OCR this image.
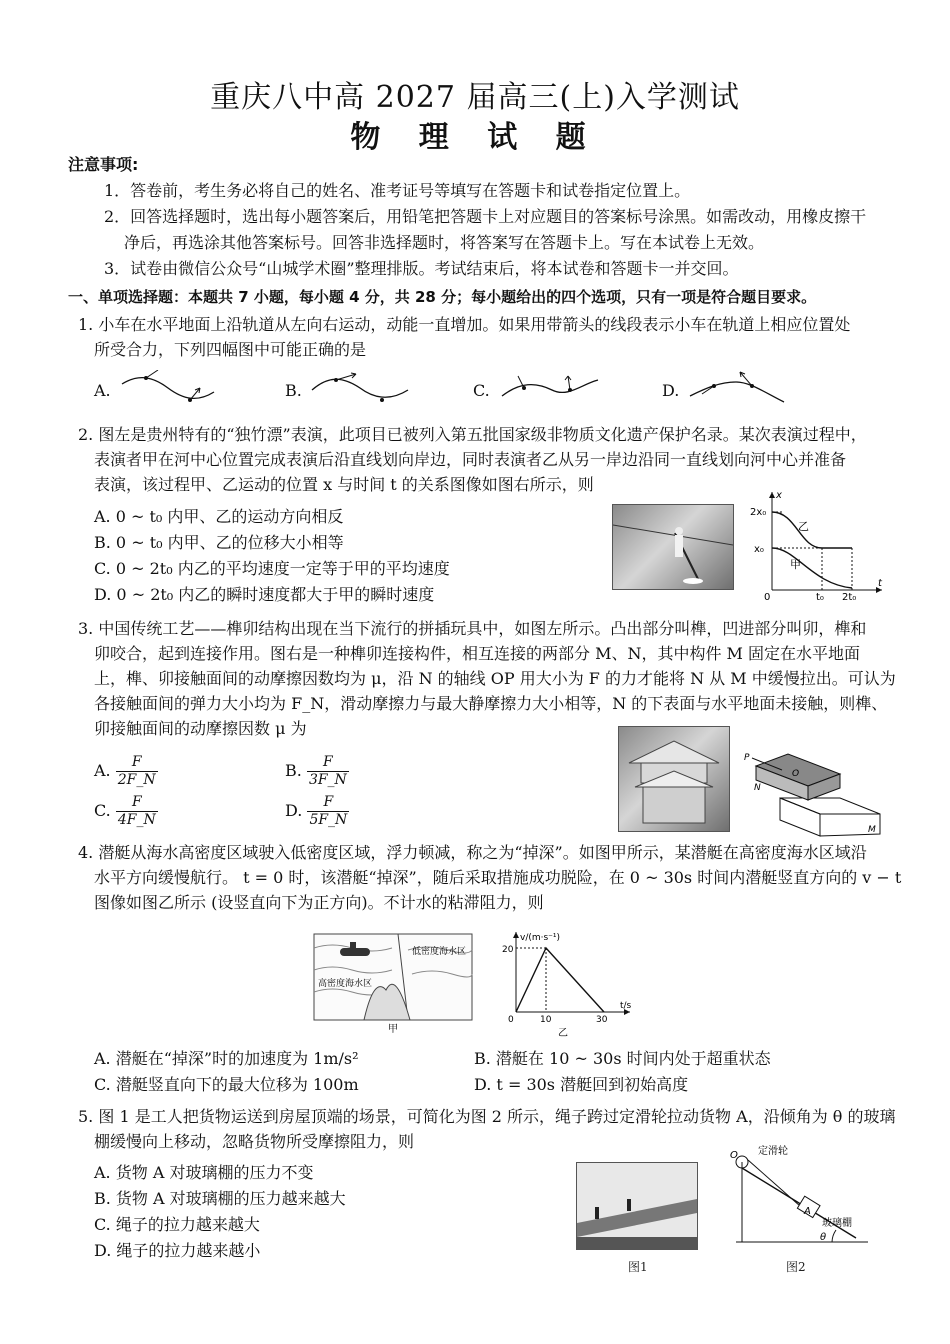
重庆八中高 2027 届高三(上)入学测试
物 理 试 题
注意事项:
1．答卷前，考生务必将自己的姓名、准考证号等填写在答题卡和试卷指定位置上。
2．回答选择题时，选出每小题答案后，用铅笔把答题卡上对应题目的答案标号涂黑。如需改动，用橡皮擦干
净后，再选涂其他答案标号。回答非选择题时，将答案写在答题卡上。写在本试卷上无效。
3．试卷由微信公众号“山城学术圈”整理排版。考试结束后，将本试卷和答题卡一并交回。
一、单项选择题：本题共 7 小题，每小题 4 分，共 28 分；每小题给出的四个选项，只有一项是符合题目要求。
1. 小车在水平地面上沿轨道从左向右运动，动能一直增加。如果用带箭头的线段表示小车在轨道上相应位置处
所受合力，下列四幅图中可能正确的是
A.	B.	C.	D.
2. 图左是贵州特有的“独竹漂”表演，此项目已被列入第五批国家级非物质文化遗产保护名录。某次表演过程中，
表演者甲在河中心位置完成表演后沿直线划向岸边，同时表演者乙从另一岸边沿同一直线划向河中心并准备
表演，该过程甲、乙运动的位置 x 与时间 t 的关系图像如图右所示，则
A. 0 ~ t₀ 内甲、乙的运动方向相反
B. 0 ~ t₀ 内甲、乙的位移大小相等
C. 0 ~ 2t₀ 内乙的平均速度一定等于甲的平均速度
D. 0 ~ 2t₀ 内乙的瞬时速度都大于甲的瞬时速度
x
t
2x₀
x₀
0	t₀ 2t₀
乙
甲
3. 中国传统工艺——榫卯结构出现在当下流行的拼插玩具中，如图左所示。凸出部分叫榫，凹进部分叫卯，榫和
卯咬合，起到连接作用。图右是一种榫卯连接构件，相互连接的两部分 M、N，其中构件 M 固定在水平地面
上，榫、卯接触面间的动摩擦因数均为 μ，沿 N 的轴线 OP 用大小为 F 的力才能将 N 从 M 中缓慢拉出。可认为
各接触面间的弹力大小均为 F_N，滑动摩擦力与最大静摩擦力大小相等，N 的下表面与水平地面未接触，则榫、
卯接触面间的动摩擦因数 μ 为
A. $\frac{F}{2F\_N}$	B. $\frac{F}{3F\_N}$
C. $\frac{F}{4F\_N}$	D. $\frac{F}{5F\_N}$
P
O
N
M
4. 潜艇从海水高密度区域驶入低密度区域，浮力顿减，称之为“掉深”。如图甲所示，某潜艇在高密度海水区域沿
水平方向缓慢航行。 t = 0 时，该潜艇“掉深”，随后采取措施成功脱险，在 0 ~ 30s 时间内潜艇竖直方向的 v − t
图像如图乙所示 (设竖直向下为正方向)。不计水的粘滞阻力，则
低密度海水区
高密度海水区
甲
v/(m·s⁻¹)
t/s
20
0	10	30
乙
A. 潜艇在“掉深”时的加速度为 1m/s²	B. 潜艇在 10 ~ 30s 时间内处于超重状态
C. 潜艇竖直向下的最大位移为 100m	D. t = 30s 潜艇回到初始高度
5. 图 1 是工人把货物运送到房屋顶端的场景，可简化为图 2 所示，绳子跨过定滑轮拉动货物 A，沿倾角为 θ 的玻璃
棚缓慢向上移动，忽略货物所受摩擦阻力，则
A. 货物 A 对玻璃棚的压力不变
B. 货物 A 对玻璃棚的压力越来越大
C. 绳子的拉力越来越大
D. 绳子的拉力越来越小
图1
定滑轮
O
A
玻璃棚
θ
图2
